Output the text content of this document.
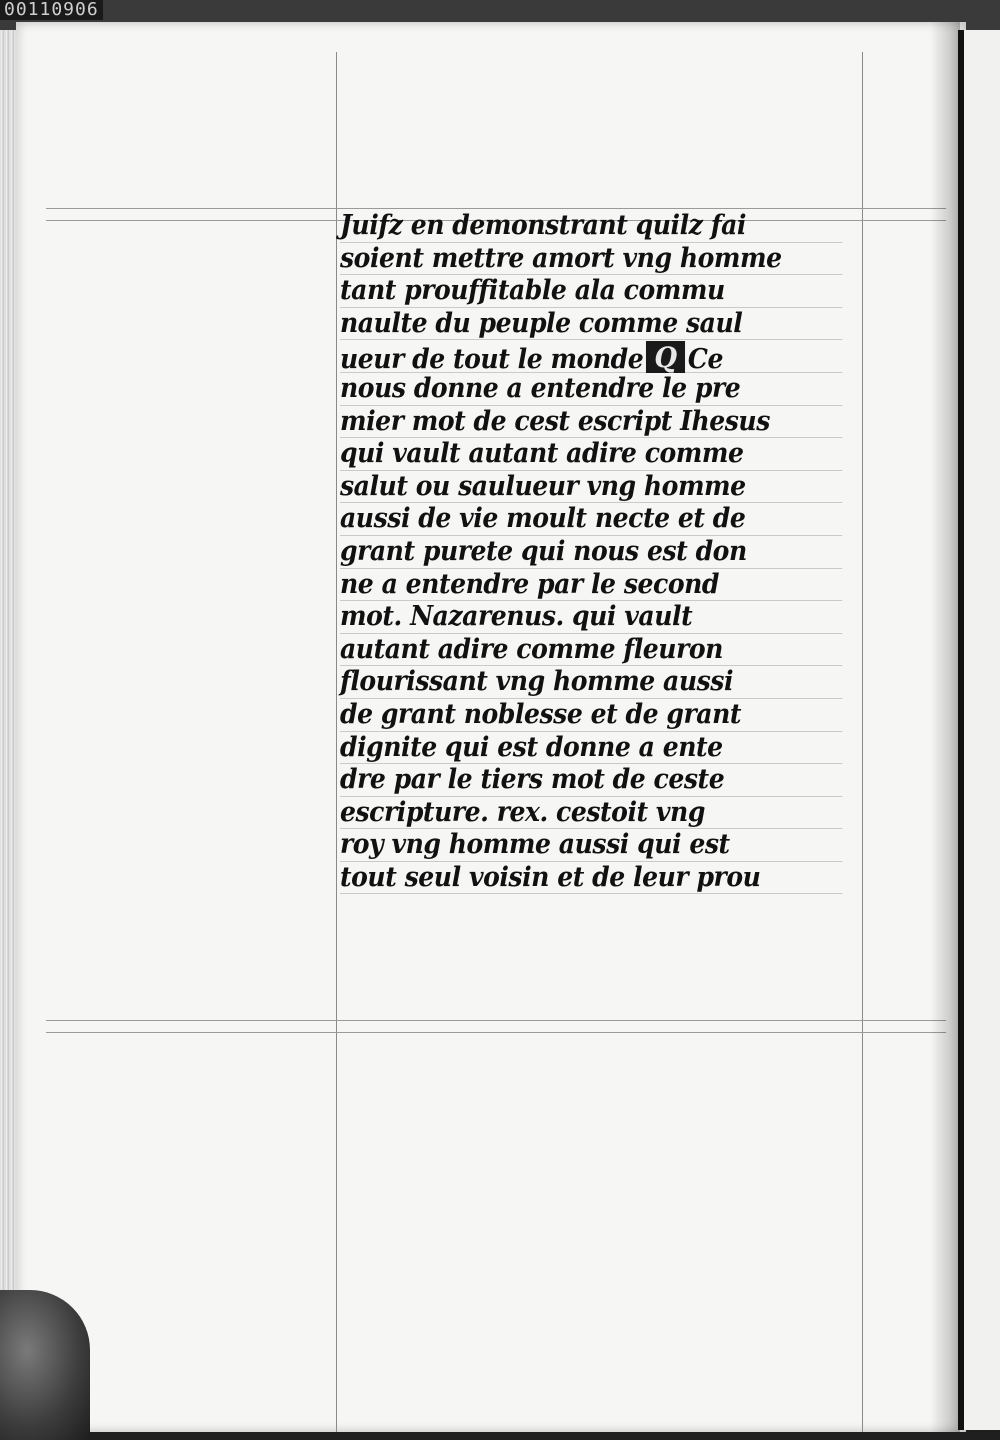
Juifz en demonstrant quilz fai
soient mettre amort vng homme
tant prouffitable ala commu
naulte du peuple comme saul
ueur de tout le monde Q Ce
nous donne a entendre le pre
mier mot de cest escript Ihesus
qui vault autant adire comme
salut ou saulueur vng homme
aussi de vie moult necte et de
grant purete qui nous est don
ne a entendre par le second
mot. Nazarenus. qui vault
autant adire comme fleuron
flourissant vng homme aussi
de grant noblesse et de grant
dignite qui est donne a ente
dre par le tiers mot de ceste
escripture. rex. cestoit vng
roy vng homme aussi qui est
tout seul voisin et de leur prou
00110906
